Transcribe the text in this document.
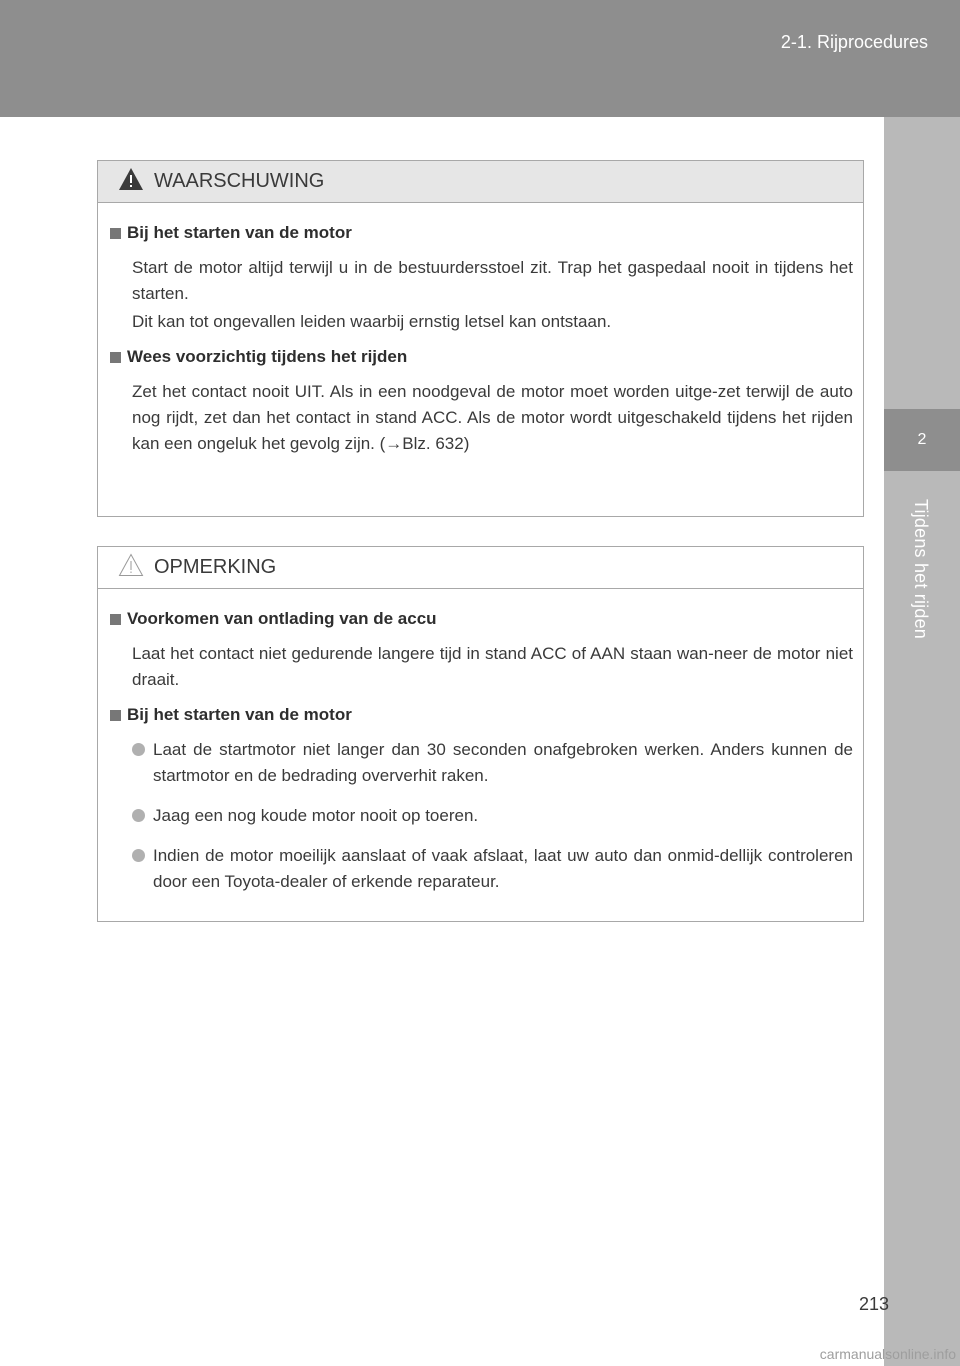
2-1. Rijprocedures
2
Tijdens het rijden
WAARSCHUWING
Bij het starten van de motor

Start de motor altijd terwijl u in de bestuurdersstoel zit. Trap het gaspedaal nooit in tijdens het starten.

Dit kan tot ongevallen leiden waarbij ernstig letsel kan ontstaan.

Wees voorzichtig tijdens het rijden

Zet het contact nooit UIT. Als in een noodgeval de motor moet worden uitge-zet terwijl de auto nog rijdt, zet dan het contact in stand ACC. Als de motor wordt uitgeschakeld tijdens het rijden kan een ongeluk het gevolg zijn. (→Blz. 632)

OPMERKING
Voorkomen van ontlading van de accu

Laat het contact niet gedurende langere tijd in stand ACC of AAN staan wan-neer de motor niet draait.

Bij het starten van de motor
Laat de startmotor niet langer dan 30 seconden onafgebroken werken. Anders kunnen de startmotor en de bedrading oververhit raken.
Jaag een nog koude motor nooit op toeren.
Indien de motor moeilijk aanslaat of vaak afslaat, laat uw auto dan onmid-dellijk controleren door een Toyota-dealer of erkende reparateur.
213
carmanualsonline.info
